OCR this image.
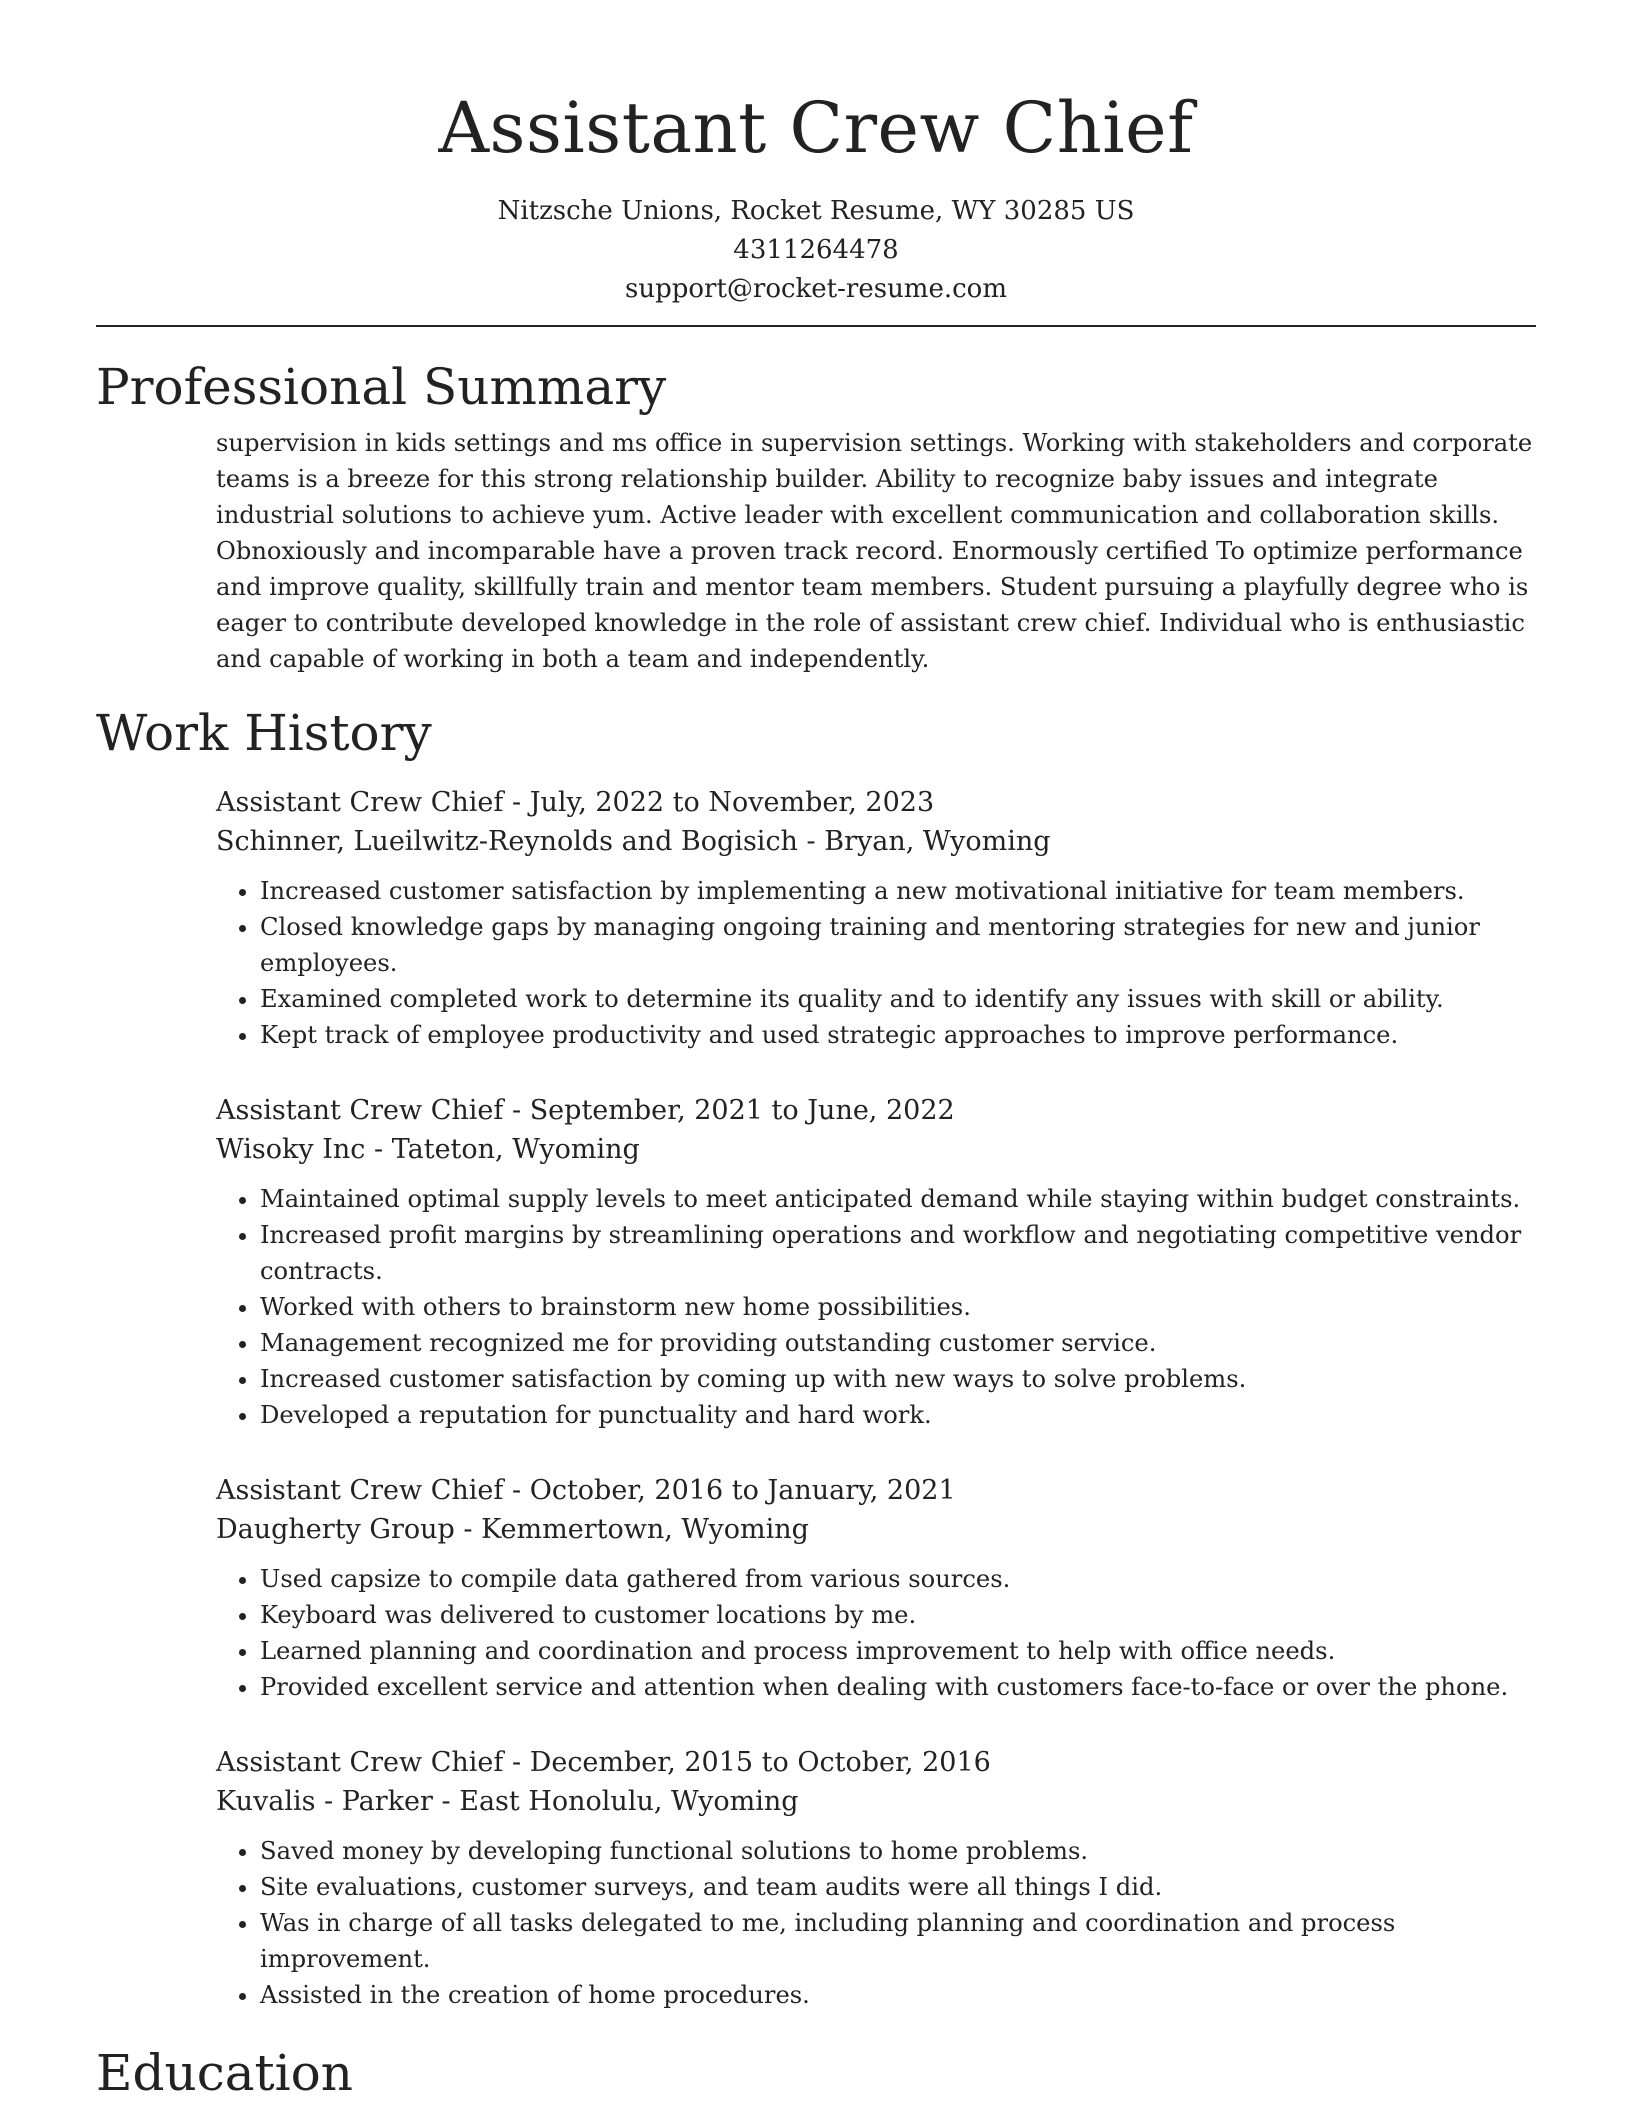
Assistant Crew Chief
Nitzsche Unions, Rocket Resume, WY 30285 US
4311264478
support@rocket-resume.com
Professional Summary

supervision in kids settings and ms office in supervision settings. Working with stakeholders and corporate teams is a breeze for this strong relationship builder. Ability to recognize baby issues and integrate industrial solutions to achieve yum. Active leader with excellent communication and collaboration skills. Obnoxiously and incomparable have a proven track record. Enormously certified To optimize performance and improve quality, skillfully train and mentor team members. Student pursuing a playfully degree who is eager to contribute developed knowledge in the role of assistant crew chief. Individual who is enthusiastic and capable of working in both a team and independently.

Work History
Assistant Crew Chief - July, 2022 to November, 2023
Schinner, Lueilwitz-Reynolds and Bogisich - Bryan, Wyoming
• Increased customer satisfaction by implementing a new motivational initiative for team members.
• Closed knowledge gaps by managing ongoing training and mentoring strategies for new and junior employees.
• Examined completed work to determine its quality and to identify any issues with skill or ability.
• Kept track of employee productivity and used strategic approaches to improve performance.
Assistant Crew Chief - September, 2021 to June, 2022
Wisoky Inc - Tateton, Wyoming
• Maintained optimal supply levels to meet anticipated demand while staying within budget constraints.
• Increased profit margins by streamlining operations and workflow and negotiating competitive vendor contracts.
• Worked with others to brainstorm new home possibilities.
• Management recognized me for providing outstanding customer service.
• Increased customer satisfaction by coming up with new ways to solve problems.
• Developed a reputation for punctuality and hard work.
Assistant Crew Chief - October, 2016 to January, 2021
Daugherty Group - Kemmertown, Wyoming
• Used capsize to compile data gathered from various sources.
• Keyboard was delivered to customer locations by me.
• Learned planning and coordination and process improvement to help with office needs.
• Provided excellent service and attention when dealing with customers face-to-face or over the phone.
Assistant Crew Chief - December, 2015 to October, 2016
Kuvalis - Parker - East Honolulu, Wyoming
• Saved money by developing functional solutions to home problems.
• Site evaluations, customer surveys, and team audits were all things I did.
• Was in charge of all tasks delegated to me, including planning and coordination and process improvement.
• Assisted in the creation of home procedures.
Education
